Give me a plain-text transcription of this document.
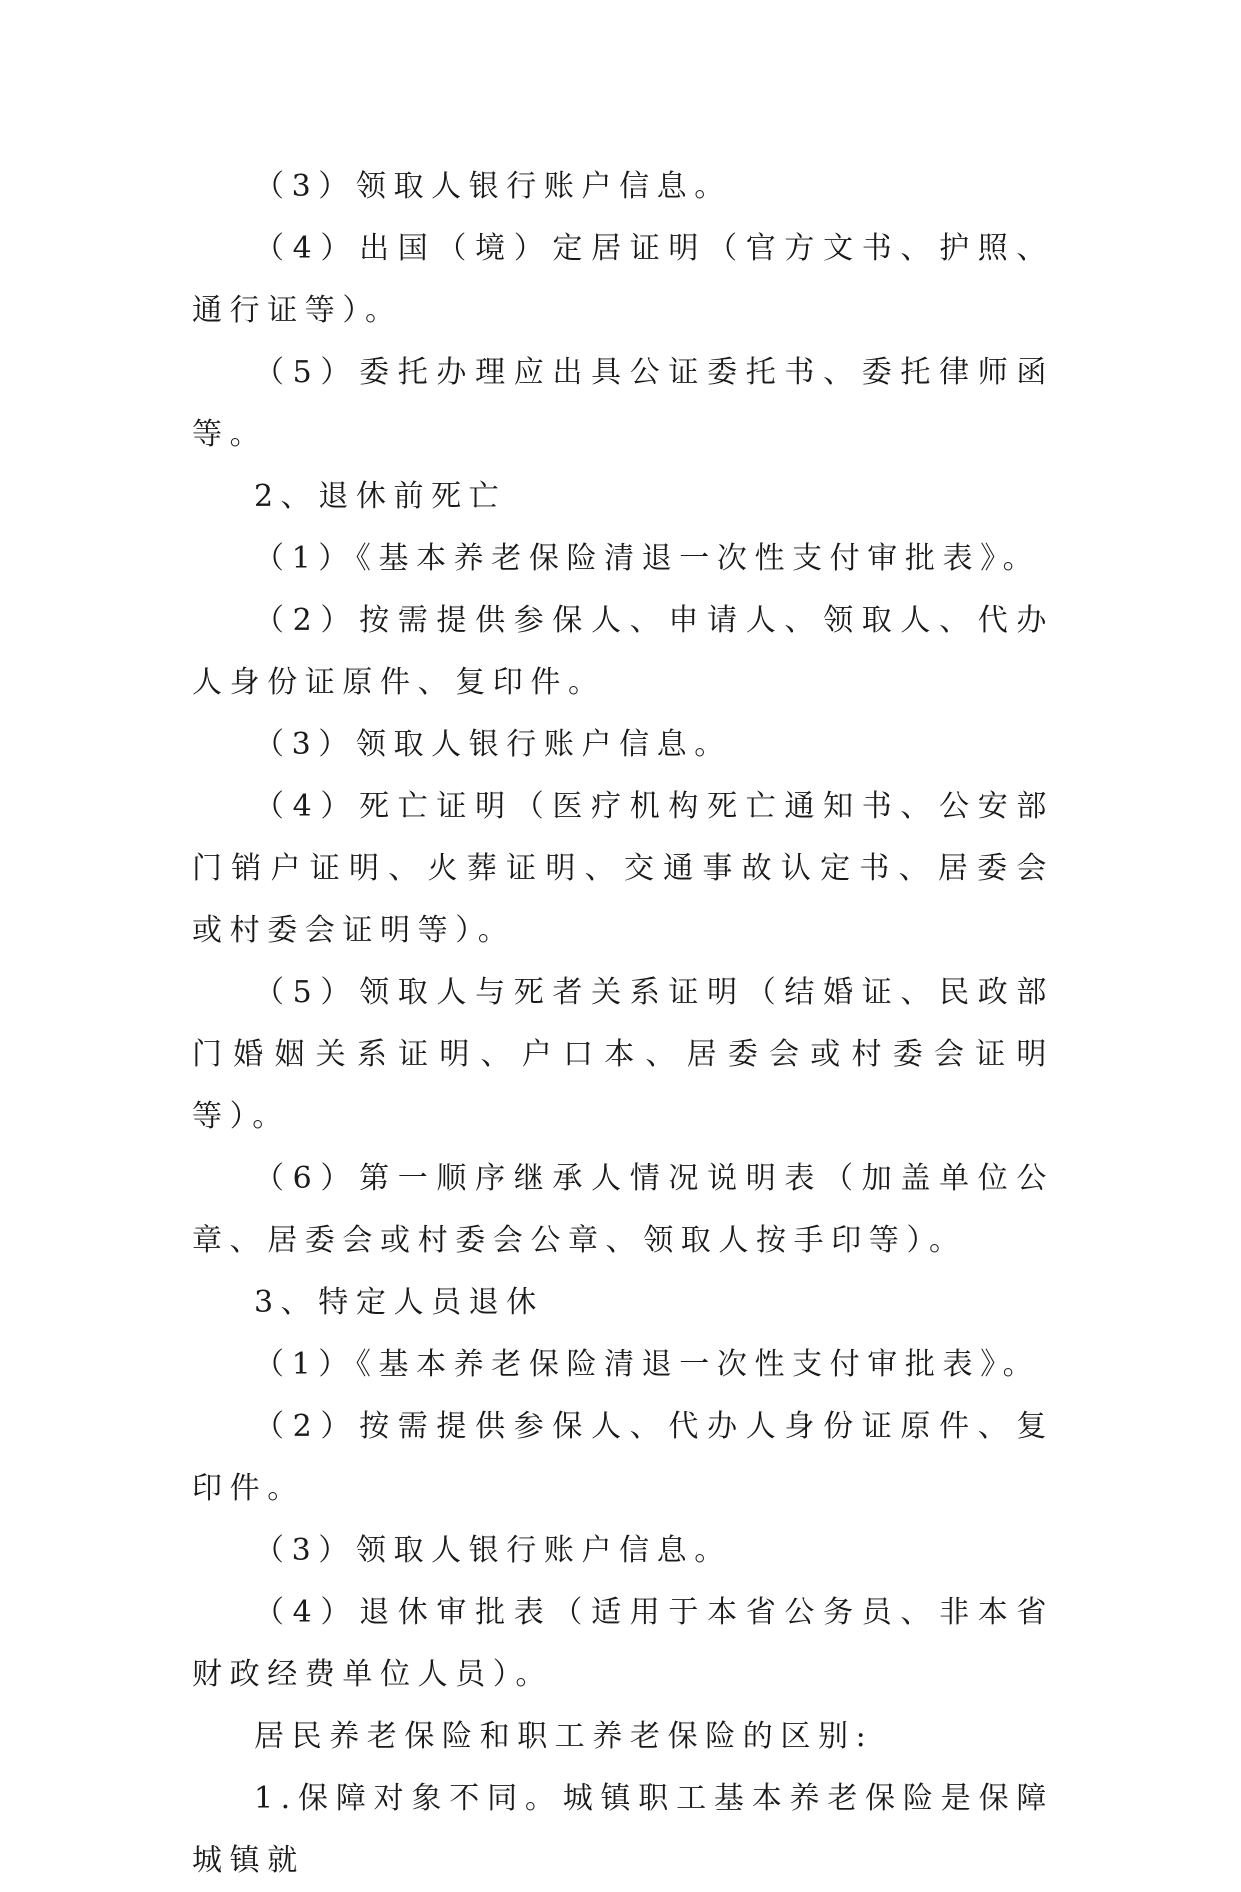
（3）领取人银行账户信息。

（4）出国（境）定居证明（官方文书、护照、通行证等）。

（5）委托办理应出具公证委托书、委托律师函等。

2、退休前死亡

（1）《基本养老保险清退一次性支付审批表》。

（2）按需提供参保人、申请人、领取人、代办人身份证原件、复印件。

（3）领取人银行账户信息。

（4）死亡证明（医疗机构死亡通知书、公安部门销户证明、火葬证明、交通事故认定书、居委会或村委会证明等）。

（5）领取人与死者关系证明（结婚证、民政部门婚姻关系证明、户口本、居委会或村委会证明等）。

（6）第一顺序继承人情况说明表（加盖单位公章、居委会或村委会公章、领取人按手印等）。

3、特定人员退休

（1）《基本养老保险清退一次性支付审批表》。

（2）按需提供参保人、代办人身份证原件、复印件。

（3）领取人银行账户信息。

（4）退休审批表（适用于本省公务员、非本省财政经费单位人员）。

居民养老保险和职工养老保险的区别:

1.保障对象不同。城镇职工基本养老保险是保障城镇就
